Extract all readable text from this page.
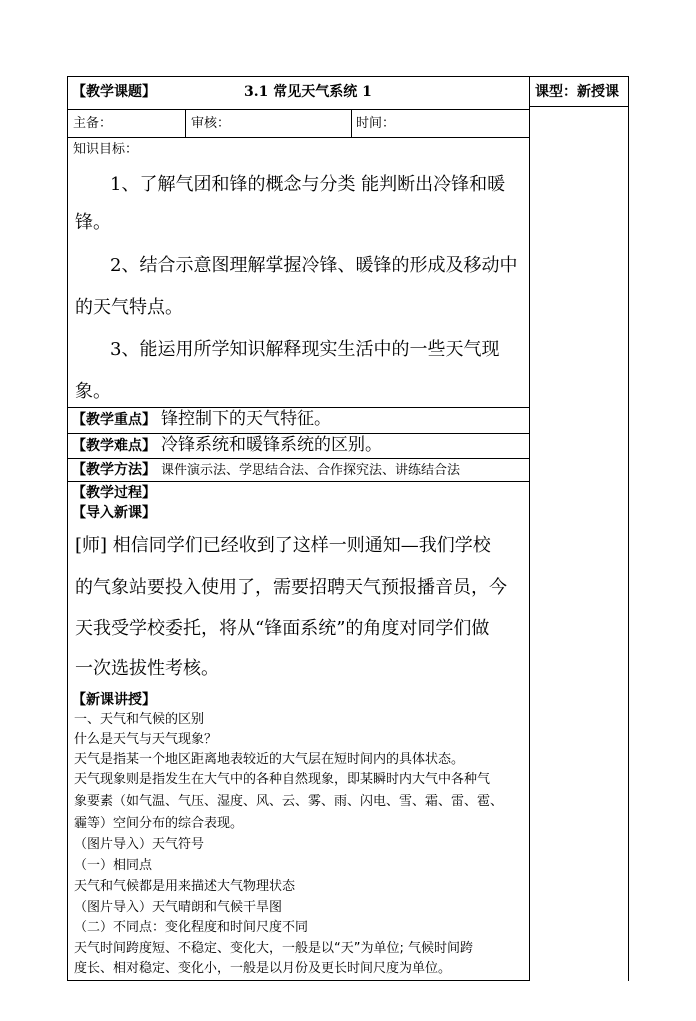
【教学课题】	3.1 常见天气系统 1	课型：新授课
主备：	审核：	时间：
知识目标：
1、了解气团和锋的概念与分类 能判断出冷锋和暖
锋。
2、结合示意图理解掌握冷锋、暖锋的形成及移动中
的天气特点。
3、能运用所学知识解释现实生活中的一些天气现
象。
【教学重点】 锋控制下的天气特征。
【教学难点】 冷锋系统和暖锋系统的区别。
【教学方法】 课件演示法、学思结合法、合作探究法、讲练结合法
【教学过程】
【导入新课】
[师] 相信同学们已经收到了这样一则通知—我们学校
的气象站要投入使用了，需要招聘天气预报播音员，今
天我受学校委托，将从“锋面系统”的角度对同学们做
一次选拔性考核。
【新课讲授】
一、天气和气候的区别
什么是天气与天气现象？
天气是指某一个地区距离地表较近的大气层在短时间内的具体状态。
天气现象则是指发生在大气中的各种自然现象，即某瞬时内大气中各种气
象要素（如气温、气压、湿度、风、云、雾、雨、闪电、雪、霜、雷、雹、
霾等）空间分布的综合表现。
（图片导入）天气符号
（一）相同点
天气和气候都是用来描述大气物理状态
（图片导入）天气晴朗和气候干旱图
（二）不同点：变化程度和时间尺度不同
天气时间跨度短、不稳定、变化大，一般是以“天”为单位; 气候时间跨
度长、相对稳定、变化小，一般是以月份及更长时间尺度为单位。
